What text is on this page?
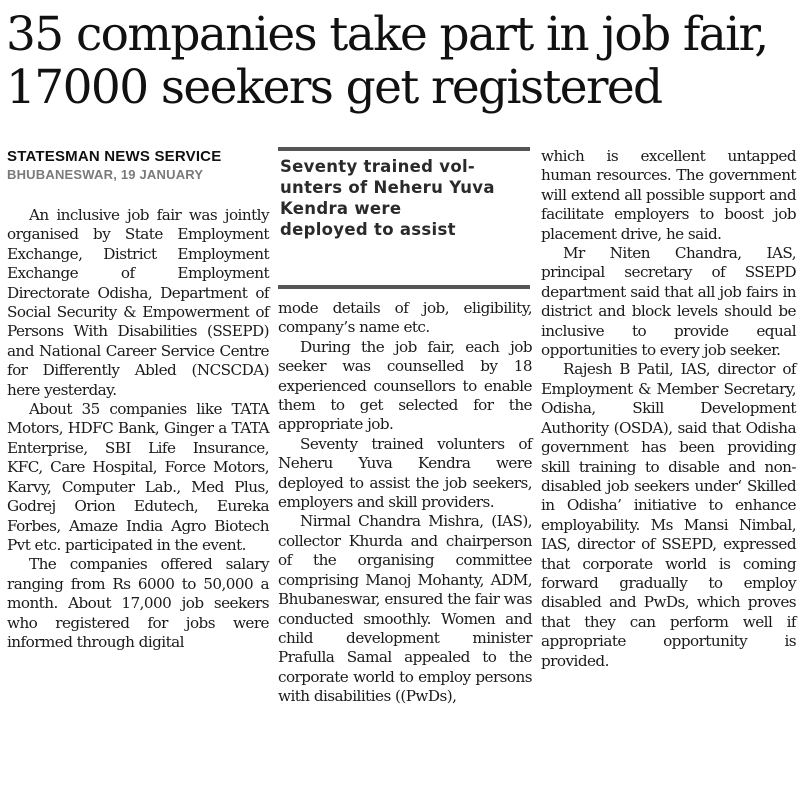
35 companies take part in job fair,
17000 seekers get registered
STATESMAN NEWS SERVICE
BHUBANESWAR, 19 JANUARY

An inclusive job fair was jointly organised by State Employment Exchange, District Employment Exchange of Employment Directorate Odisha, Department of Social Security & Empowerment of Persons With Disabilities (SSEPD) and National Career Service Centre for Differently Abled (NCSCDA) here yesterday.

About 35 companies like TATA Motors, HDFC Bank, Ginger a TATA Enterprise, SBI Life Insurance, KFC, Care Hospital, Force Motors, Karvy, Computer Lab., Med Plus, Godrej Orion Edutech, Eureka Forbes, Amaze India Agro Biotech Pvt etc. participated in the event.

The companies offered salary ranging from Rs 6000 to 50,000 a month. About 17,000 job seekers who registered for jobs were informed through digital

Seventy trained vol-
unters of Neheru Yuva
Kendra were
deployed to assist

mode details of job, eligibility, company’s name etc.

During the job fair, each job seeker was counselled by 18 experienced counsellors to enable them to get selected for the appropriate job.

Seventy trained volunters of Neheru Yuva Kendra were deployed to assist the job seekers, employers and skill providers.

Nirmal Chandra Mishra, (IAS), collector Khurda and chairperson of the organising committee comprising Manoj Mohanty, ADM, Bhubaneswar, ensured the fair was conducted smoothly. Women and child development minister Prafulla Samal appealed to the corporate world to employ persons with disabilities ((PwDs),

which is excellent untapped human resources. The government will extend all possible support and facilitate employers to boost job placement drive, he said.

Mr Niten Chandra, IAS, principal secretary of SSEPD department said that all job fairs in district and block levels should be inclusive to provide equal opportunities to every job seeker.

Rajesh B Patil, IAS, director of Employment & Member Secretary, Odisha, Skill Development Authority (OSDA), said that Odisha government has been providing skill training to disable and non-disabled job seekers under‘ Skilled in Odisha’ initiative to enhance employability. Ms Mansi Nimbal, IAS, director of SSEPD, expressed that corporate world is coming forward gradually to employ disabled and PwDs, which proves that they can perform well if appropriate opportunity is provided.
